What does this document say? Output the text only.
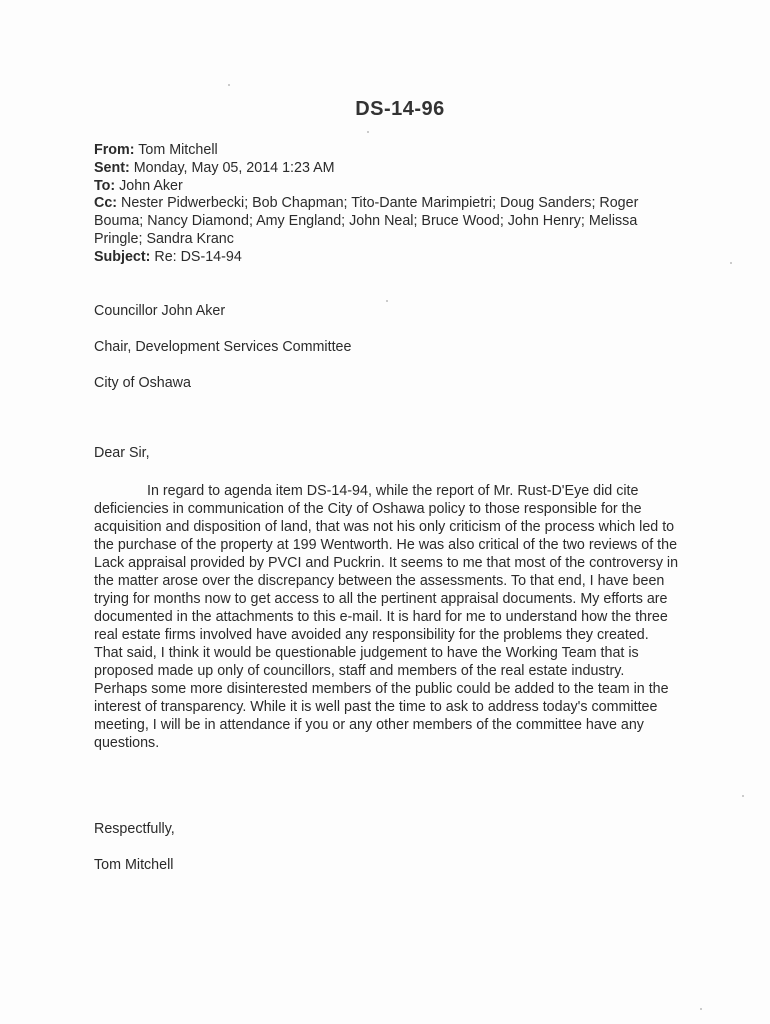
DS-14-96
From: Tom Mitchell
Sent: Monday, May 05, 2014 1:23 AM
To: John Aker
Cc: Nester Pidwerbecki; Bob Chapman; Tito-Dante Marimpietri; Doug Sanders; Roger Bouma; Nancy Diamond; Amy England; John Neal; Bruce Wood; John Henry; Melissa Pringle; Sandra Kranc
Subject: Re: DS-14-94

Councillor John Aker

Chair, Development Services Committee

City of Oshawa

Dear Sir,

In regard to agenda item DS-14-94, while the report of Mr. Rust-D'Eye did cite deficiencies in communication of the City of Oshawa policy to those responsible for the acquisition and disposition of land, that was not his only criticism of the process which led to the purchase of the property at 199 Wentworth. He was also critical of the two reviews of the Lack appraisal provided by PVCI and Puckrin. It seems to me that most of the controversy in the matter arose over the discrepancy between the assessments. To that end, I have been trying for months now to get access to all the pertinent appraisal documents. My efforts are documented in the attachments to this e-mail. It is hard for me to understand how the three real estate firms involved have avoided any responsibility for the problems they created. That said, I think it would be questionable judgement to have the Working Team that is proposed made up only of councillors, staff and members of the real estate industry. Perhaps some more disinterested members of the public could be added to the team in the interest of transparency. While it is well past the time to ask to address today's committee meeting, I will be in attendance if you or any other members of the committee have any questions.

Respectfully,
Tom Mitchell
